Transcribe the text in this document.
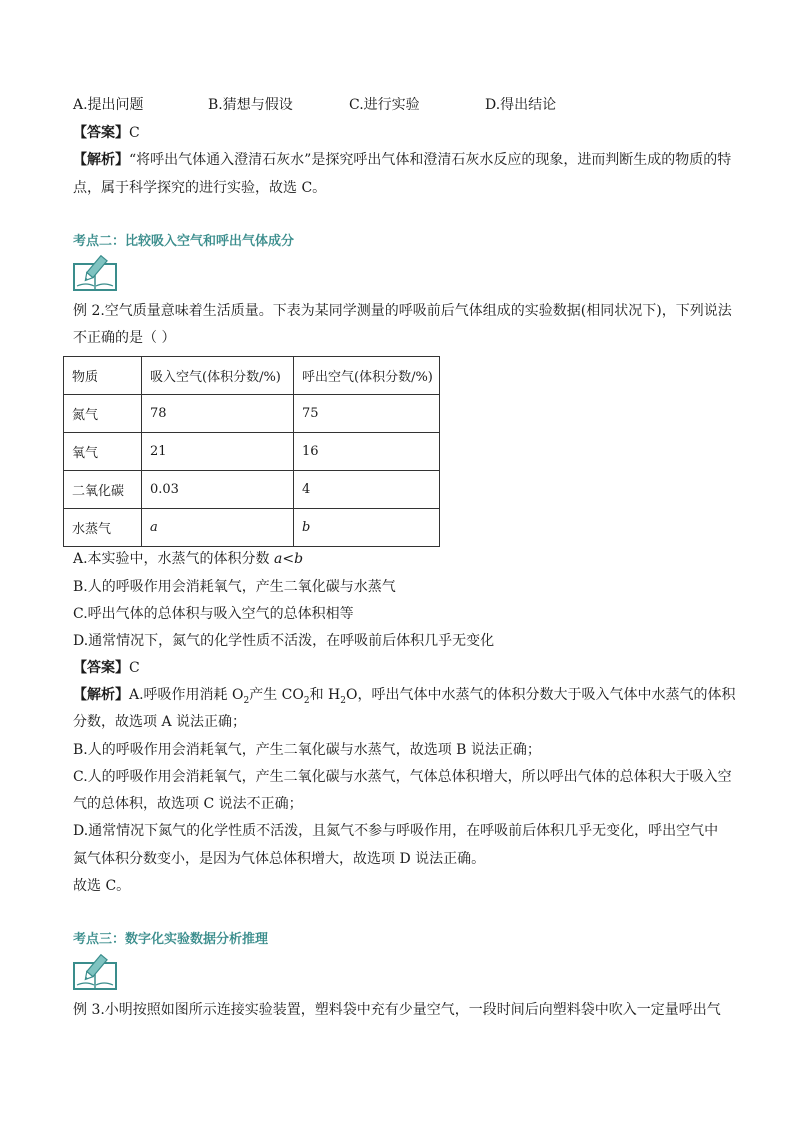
A.提出问题	B.猜想与假设	C.进行实验	D.得出结论
【答案】C
【解析】“将呼出气体通入澄清石灰水”是探究呼出气体和澄清石灰水反应的现象，进而判断生成的物质的特
点，属于科学探究的进行实验，故选 C。
考点二：比较吸入空气和呼出气体成分
例 2.空气质量意味着生活质量。下表为某同学测量的呼吸前后气体组成的实验数据(相同状况下)，下列说法
不正确的是（ ）
物质	吸入空气(体积分数/%)	呼出空气(体积分数/%)
氮气	78	75
氧气	21	16
二氧化碳	0.03	4
水蒸气	a	b
A.本实验中，水蒸气的体积分数 a<b
B.人的呼吸作用会消耗氧气，产生二氧化碳与水蒸气
C.呼出气体的总体积与吸入空气的总体积相等
D.通常情况下，氮气的化学性质不活泼，在呼吸前后体积几乎无变化
【答案】C
【解析】A.呼吸作用消耗 $O_2$产生 $CO_2$和 $H_2O$，呼出气体中水蒸气的体积分数大于吸入气体中水蒸气的体积
分数，故选项 A 说法正确；
B.人的呼吸作用会消耗氧气，产生二氧化碳与水蒸气，故选项 B 说法正确；
C.人的呼吸作用会消耗氧气，产生二氧化碳与水蒸气，气体总体积增大，所以呼出气体的总体积大于吸入空
气的总体积，故选项 C 说法不正确；
D.通常情况下氮气的化学性质不活泼，且氮气不参与呼吸作用，在呼吸前后体积几乎无变化，呼出空气中
氮气体积分数变小，是因为气体总体积增大，故选项 D 说法正确。
故选 C。
考点三：数字化实验数据分析推理
例 3.小明按照如图所示连接实验装置，塑料袋中充有少量空气，一段时间后向塑料袋中吹入一定量呼出气
